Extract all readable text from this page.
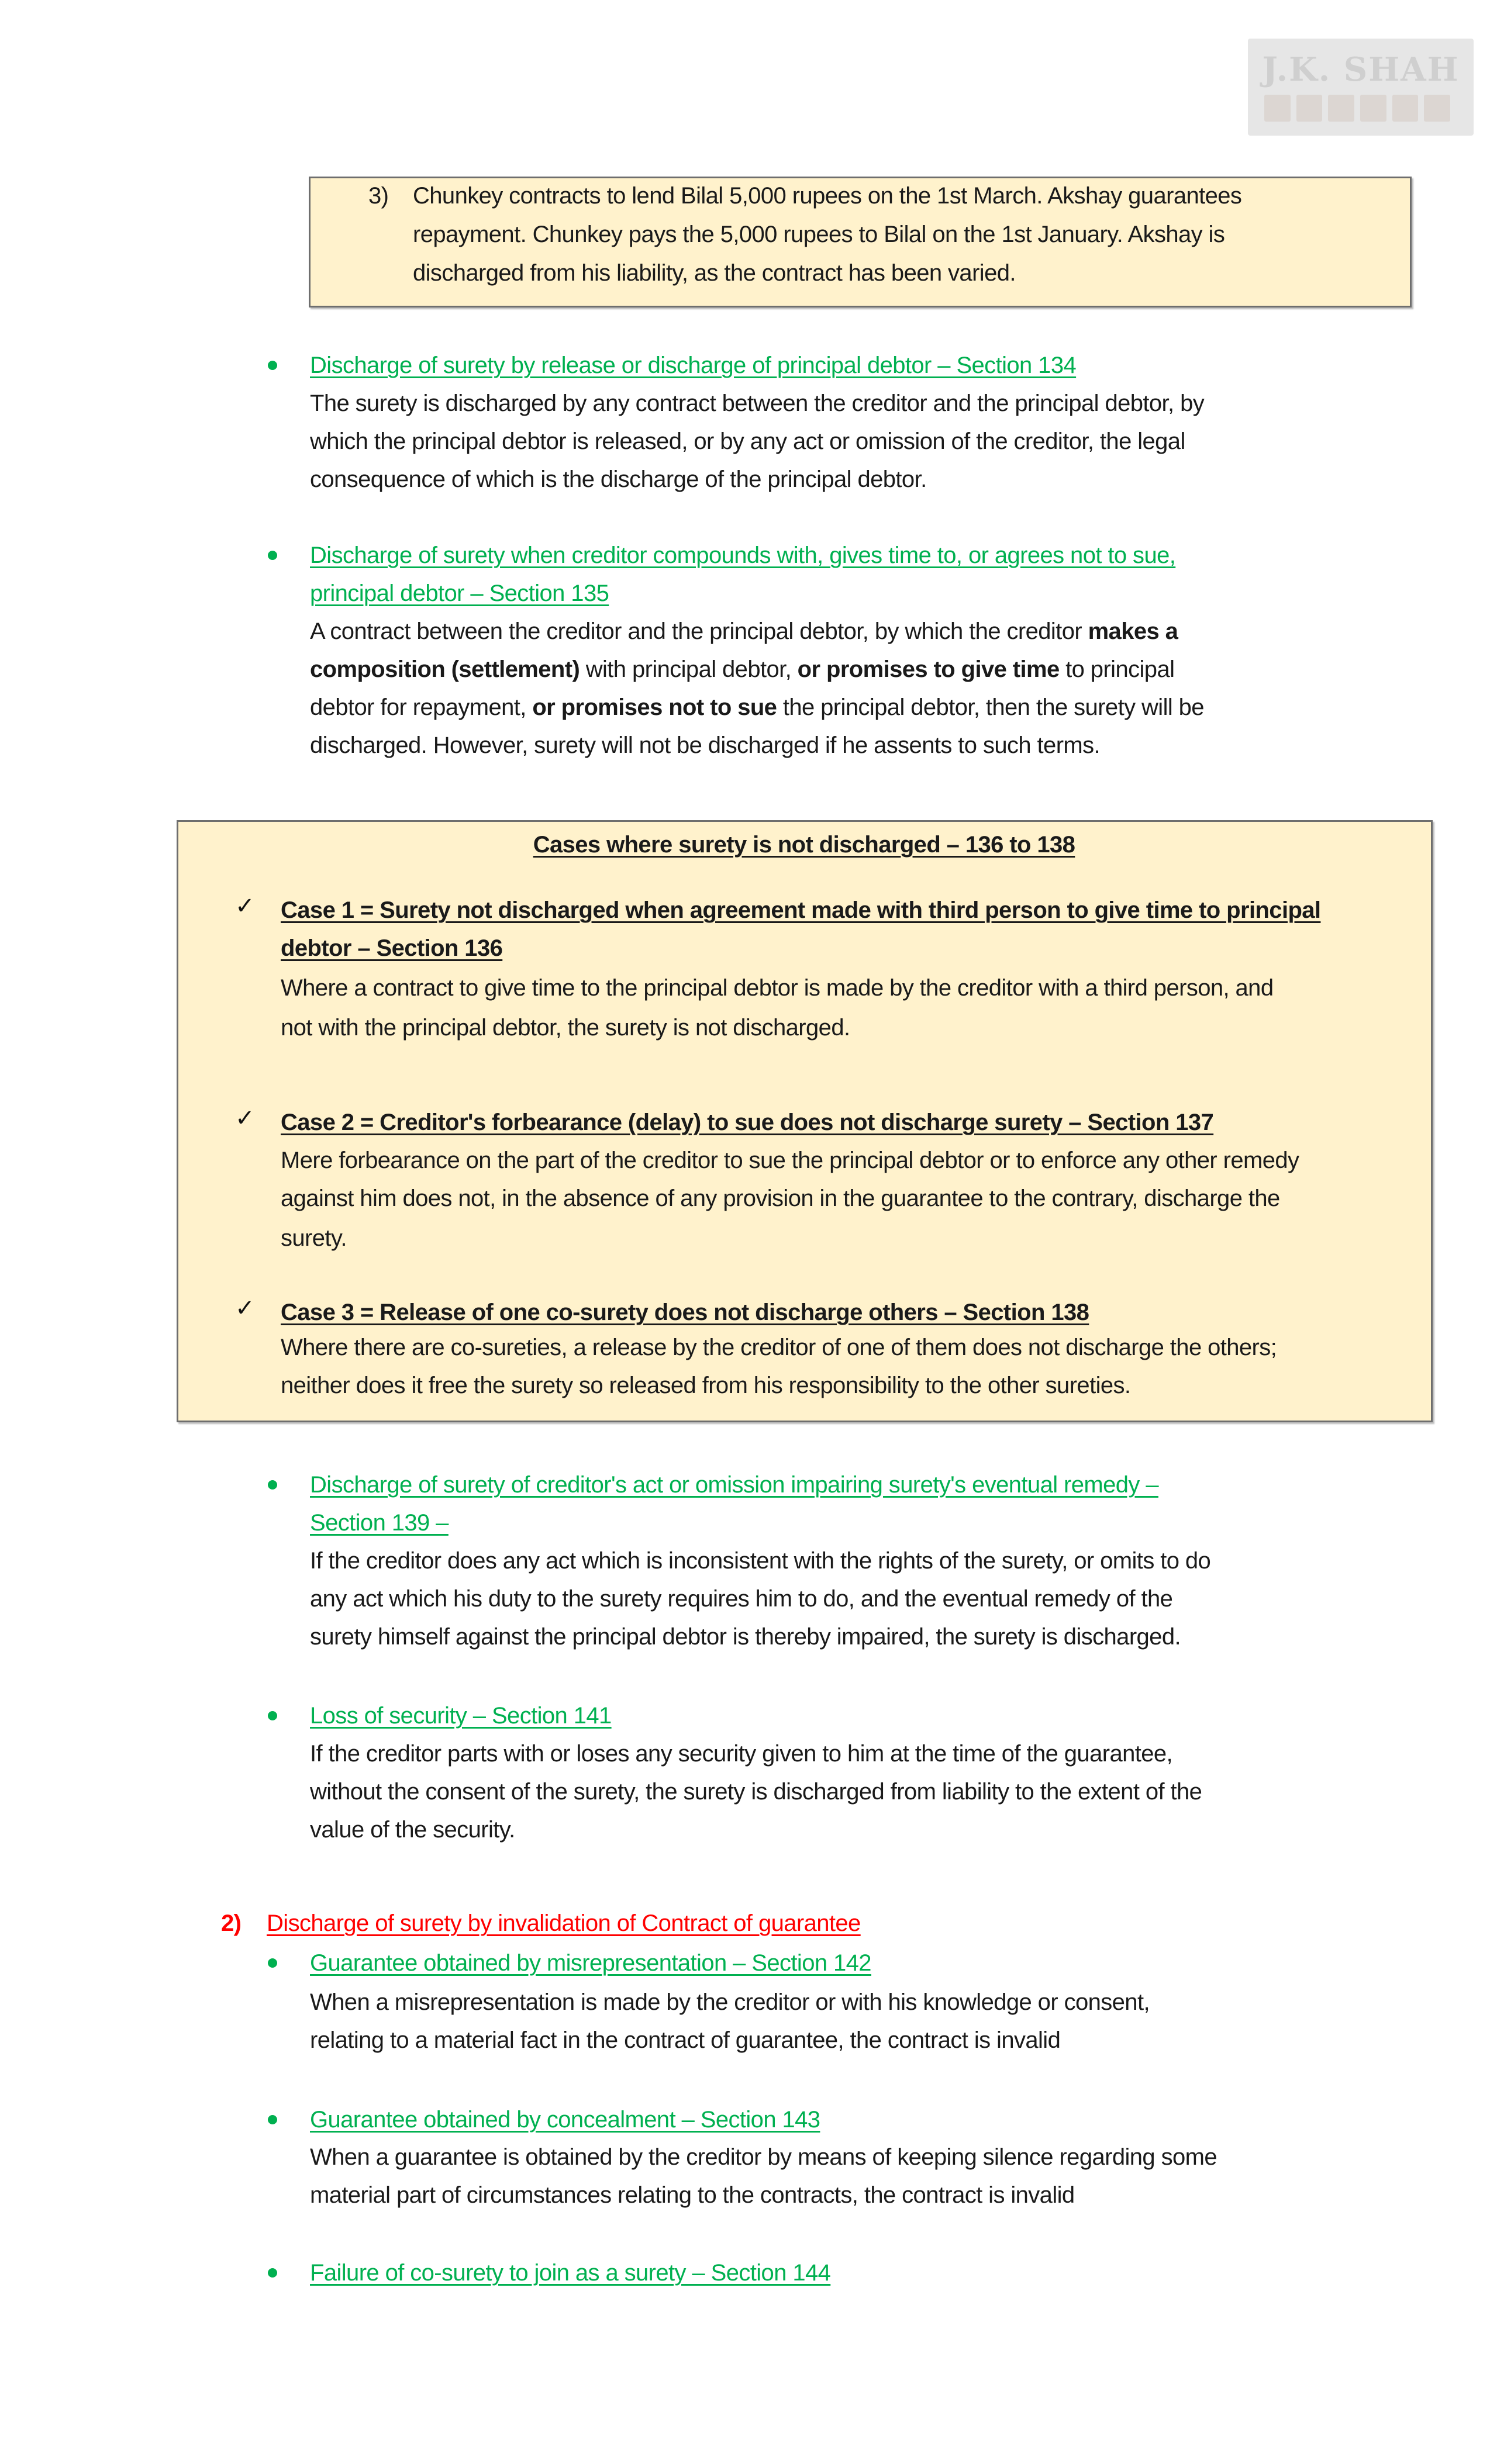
J.K. SHAH
3) Chunkey contracts to lend Bilal 5,000 rupees on the 1st March. Akshay guarantees
repayment. Chunkey pays the 5,000 rupees to Bilal on the 1st January. Akshay is
discharged from his liability, as the contract has been varied.
Discharge of surety by release or discharge of principal debtor – Section 134
The surety is discharged by any contract between the creditor and the principal debtor, by
which the principal debtor is released, or by any act or omission of the creditor, the legal
consequence of which is the discharge of the principal debtor.
Discharge of surety when creditor compounds with, gives time to, or agrees not to sue,
principal debtor – Section 135
A contract between the creditor and the principal debtor, by which the creditor makes a
composition (settlement) with principal debtor, or promises to give time to principal
debtor for repayment, or promises not to sue the principal debtor, then the surety will be
discharged. However, surety will not be discharged if he assents to such terms.
Cases where surety is not discharged – 136 to 138
✓ Case 1 = Surety not discharged when agreement made with third person to give time to principal
debtor – Section 136
Where a contract to give time to the principal debtor is made by the creditor with a third person, and
not with the principal debtor, the surety is not discharged.
✓ Case 2 = Creditor's forbearance (delay) to sue does not discharge surety – Section 137
Mere forbearance on the part of the creditor to sue the principal debtor or to enforce any other remedy
against him does not, in the absence of any provision in the guarantee to the contrary, discharge the
surety.
✓ Case 3 = Release of one co-surety does not discharge others – Section 138
Where there are co-sureties, a release by the creditor of one of them does not discharge the others;
neither does it free the surety so released from his responsibility to the other sureties.
Discharge of surety of creditor's act or omission impairing surety's eventual remedy –
Section 139 –
If the creditor does any act which is inconsistent with the rights of the surety, or omits to do
any act which his duty to the surety requires him to do, and the eventual remedy of the
surety himself against the principal debtor is thereby impaired, the surety is discharged.
Loss of security – Section 141
If the creditor parts with or loses any security given to him at the time of the guarantee,
without the consent of the surety, the surety is discharged from liability to the extent of the
value of the security.
2) Discharge of surety by invalidation of Contract of guarantee
Guarantee obtained by misrepresentation – Section 142
When a misrepresentation is made by the creditor or with his knowledge or consent,
relating to a material fact in the contract of guarantee, the contract is invalid
Guarantee obtained by concealment – Section 143
When a guarantee is obtained by the creditor by means of keeping silence regarding some
material part of circumstances relating to the contracts, the contract is invalid
Failure of co-surety to join as a surety – Section 144
